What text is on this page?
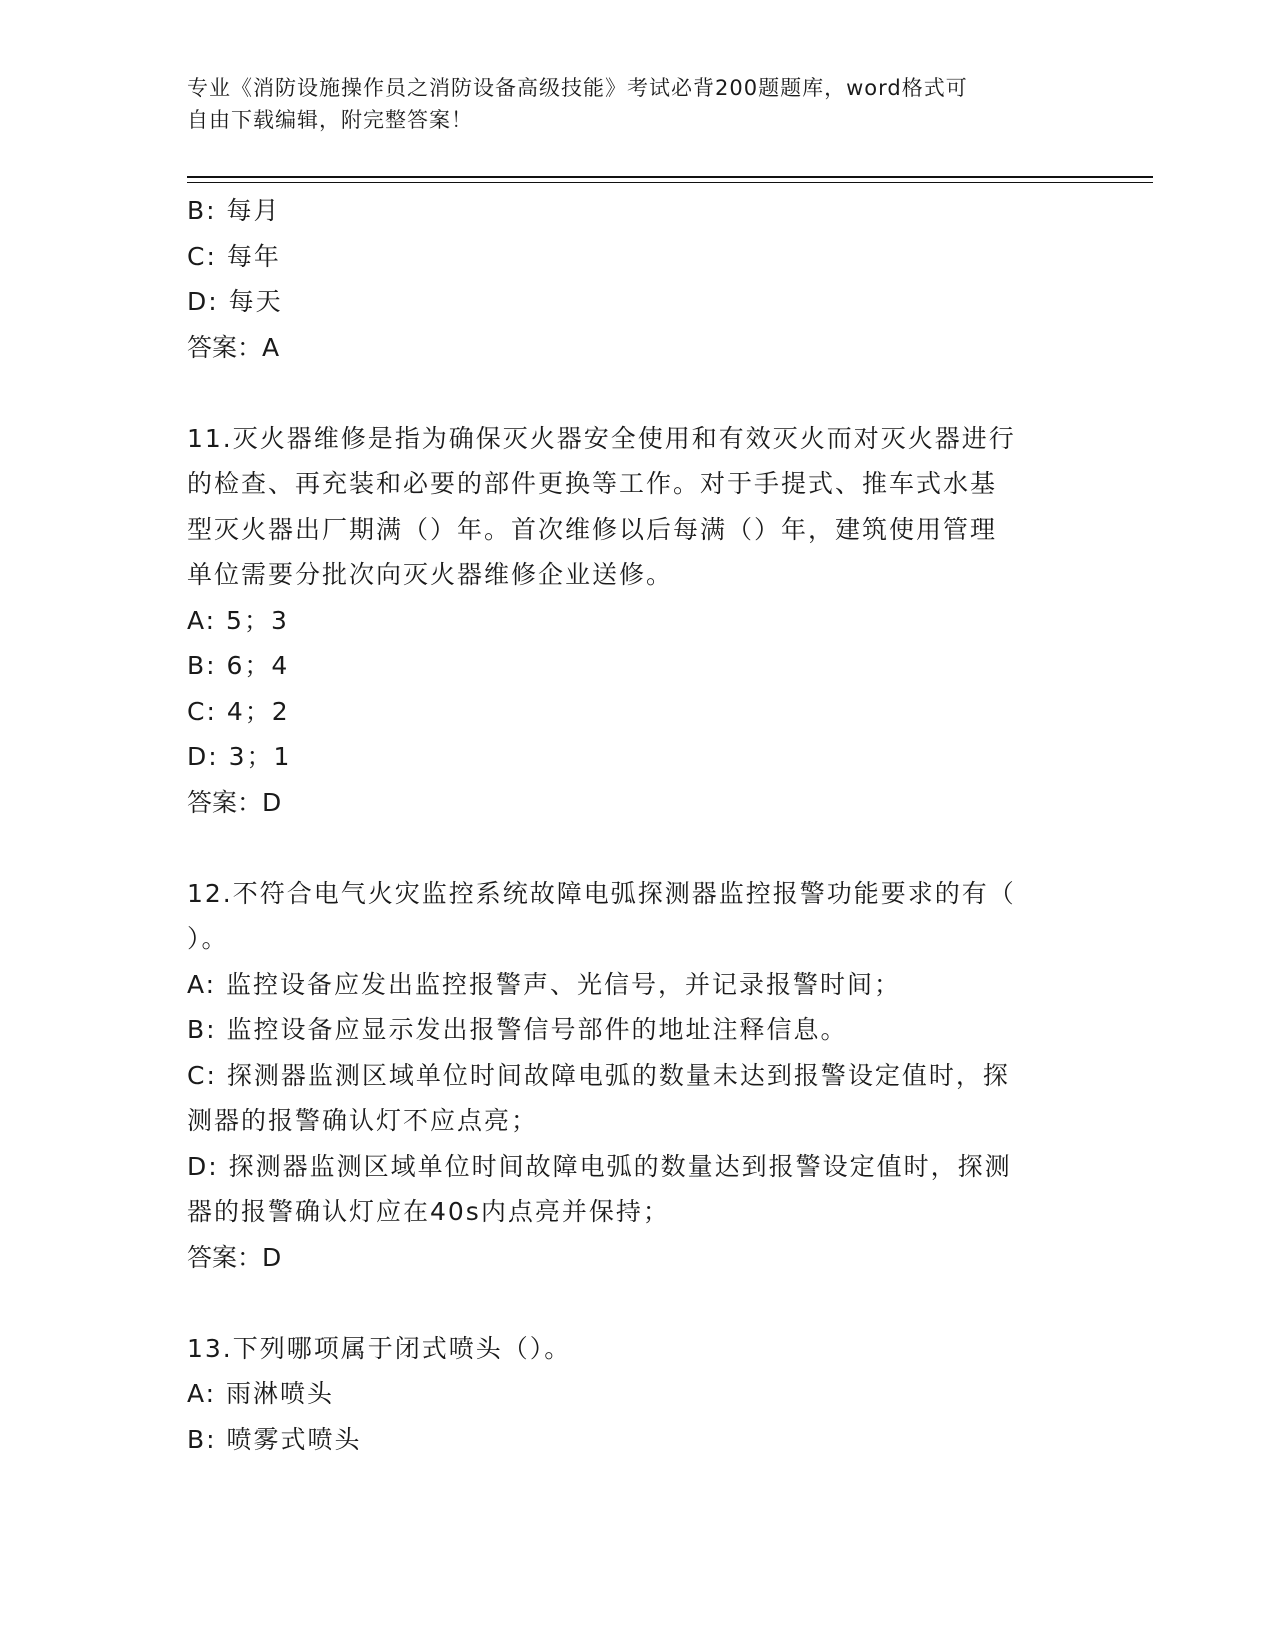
专业《消防设施操作员之消防设备高级技能》考试必背200题题库，word格式可
自由下载编辑，附完整答案！
B: 每月
C: 每年
D: 每天
答案：A
11.灭火器维修是指为确保灭火器安全使用和有效灭火而对灭火器进行
的检查、再充装和必要的部件更换等工作。对于手提式、推车式水基
型灭火器出厂期满（）年。首次维修以后每满（）年，建筑使用管理
单位需要分批次向灭火器维修企业送修。
A: 5；3
B: 6；4
C: 4；2
D: 3；1
答案：D
12.不符合电气火灾监控系统故障电弧探测器监控报警功能要求的有（
）。
A: 监控设备应发出监控报警声、光信号，并记录报警时间；
B: 监控设备应显示发出报警信号部件的地址注释信息。
C: 探测器监测区域单位时间故障电弧的数量未达到报警设定值时，探
测器的报警确认灯不应点亮；
D: 探测器监测区域单位时间故障电弧的数量达到报警设定值时，探测
器的报警确认灯应在40s内点亮并保持；
答案：D
13.下列哪项属于闭式喷头（）。
A: 雨淋喷头
B: 喷雾式喷头
